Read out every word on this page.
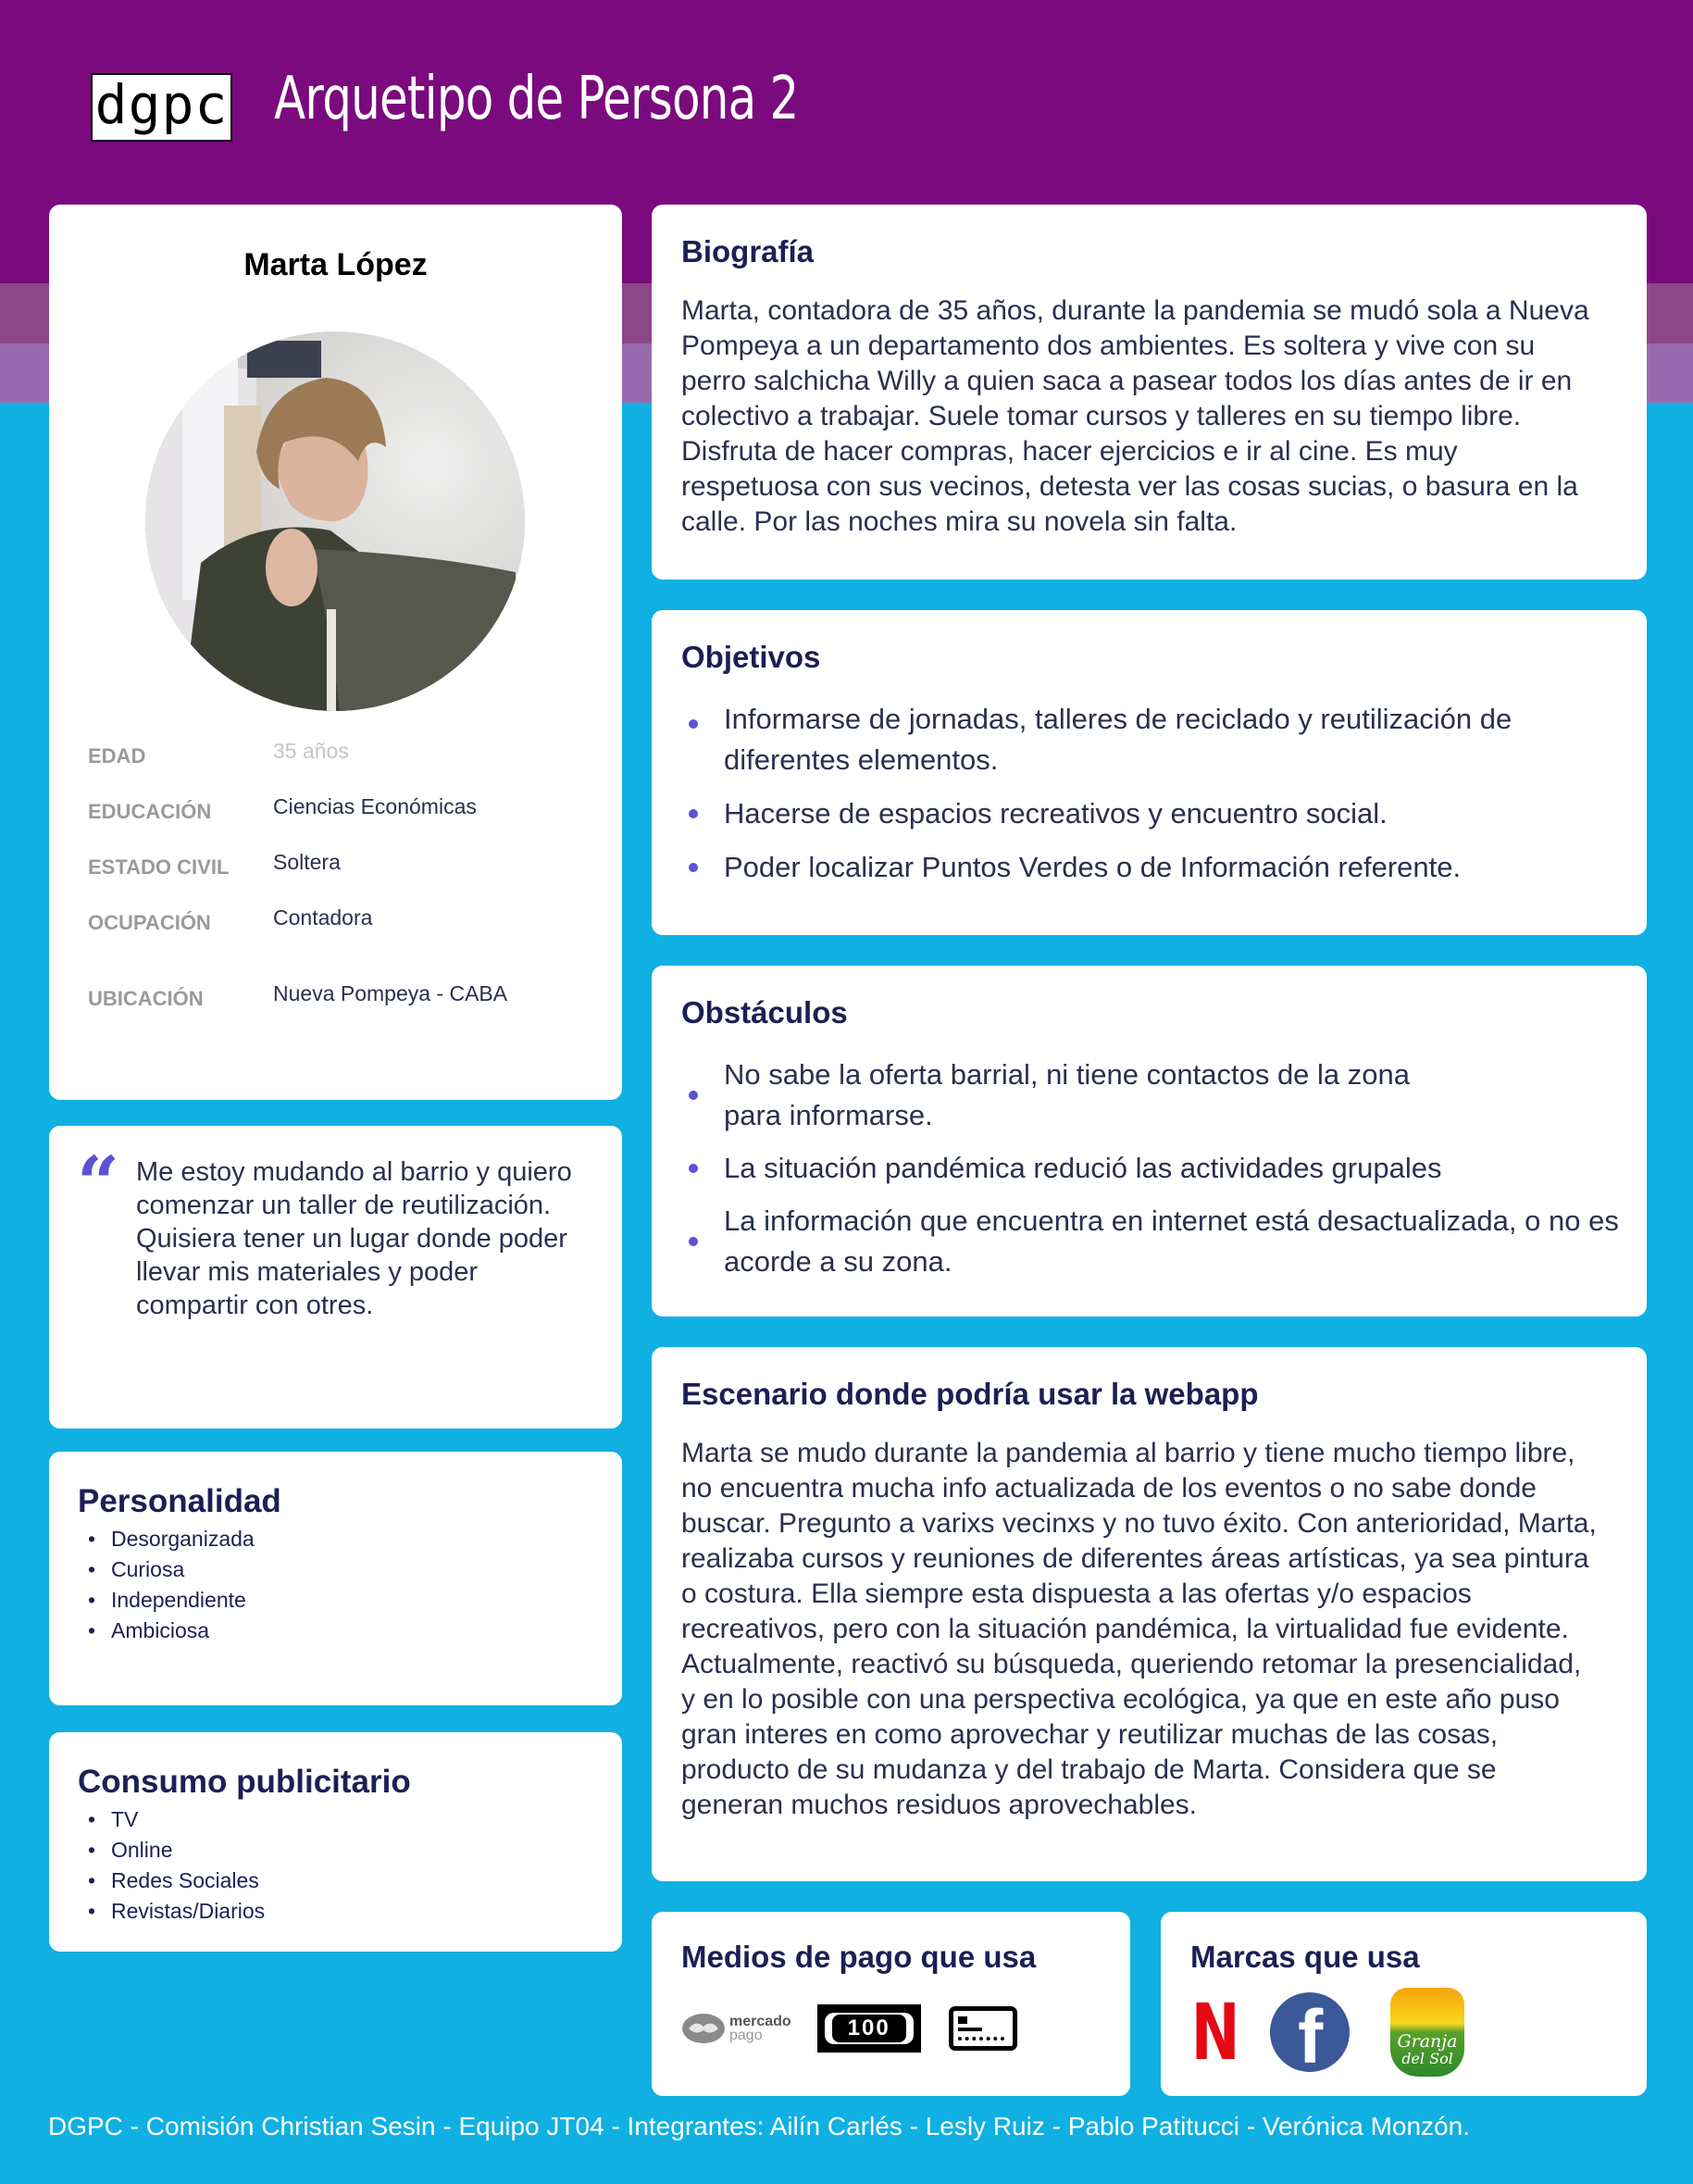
dgpc Arquetipo de Persona 2
Marta López
EDAD	35 años
EDUCACIÓN	Ciencias Económicas
ESTADO CIVIL	Soltera
OCUPACIÓN	Contadora
UBICACIÓN	Nueva Pompeya - CABA
“ Me estoy mudando al barrio y quiero comenzar un taller de reutilización. Quisiera tener un lugar donde poder llevar mis materiales y poder compartir con otres.
Personalidad
• Desorganizada
• Curiosa
• Independiente
• Ambiciosa
Consumo publicitario
• TV
• Online
• Redes Sociales
• Revistas/Diarios
Biografía
Marta, contadora de 35 años, durante la pandemia se mudó sola a Nueva Pompeya a un departamento dos ambientes. Es soltera y vive con su perro salchicha Willy a quien saca a pasear todos los días antes de ir en colectivo a trabajar. Suele tomar cursos y talleres en su tiempo libre. Disfruta de hacer compras, hacer ejercicios e ir al cine. Es muy respetuosa con sus vecinos, detesta ver las cosas sucias, o basura en la calle. Por las noches mira su novela sin falta.
Objetivos
Informarse de jornadas, talleres de reciclado y reutilización de diferentes elementos.
Hacerse de espacios recreativos y encuentro social.
Poder localizar Puntos Verdes o de Información referente.
Obstáculos
No sabe la oferta barrial, ni tiene contactos de la zona para informarse.
La situación pandémica redució las actividades grupales
La información que encuentra en internet está desactualizada, o no es acorde a su zona.
Escenario donde podría usar la webapp
Marta se mudo durante la pandemia al barrio y tiene mucho tiempo libre, no encuentra mucha info actualizada de los eventos o no sabe donde buscar. Pregunto a varixs vecinxs y no tuvo éxito. Con anterioridad, Marta, realizaba cursos y reuniones de diferentes áreas artísticas, ya sea pintura o costura. Ella siempre esta dispuesta a las ofertas y/o espacios recreativos, pero con la situación pandémica, la virtualidad fue evidente. Actualmente, reactivó su búsqueda, queriendo retomar la presencialidad, y en lo posible con una perspectiva ecológica, ya que en este año puso gran interes en como aprovechar y reutilizar muchas de las cosas, producto de su mudanza y del trabajo de Marta. Considera que se generan muchos residuos aprovechables.
Medios de pago que usa
mercado
pago	100
Marcas que usa
N f	Granja
del Sol
DGPC - Comisión Christian Sesin - Equipo JT04 - Integrantes: Ailín Carlés - Lesly Ruiz - Pablo Patitucci - Verónica Monzón.
